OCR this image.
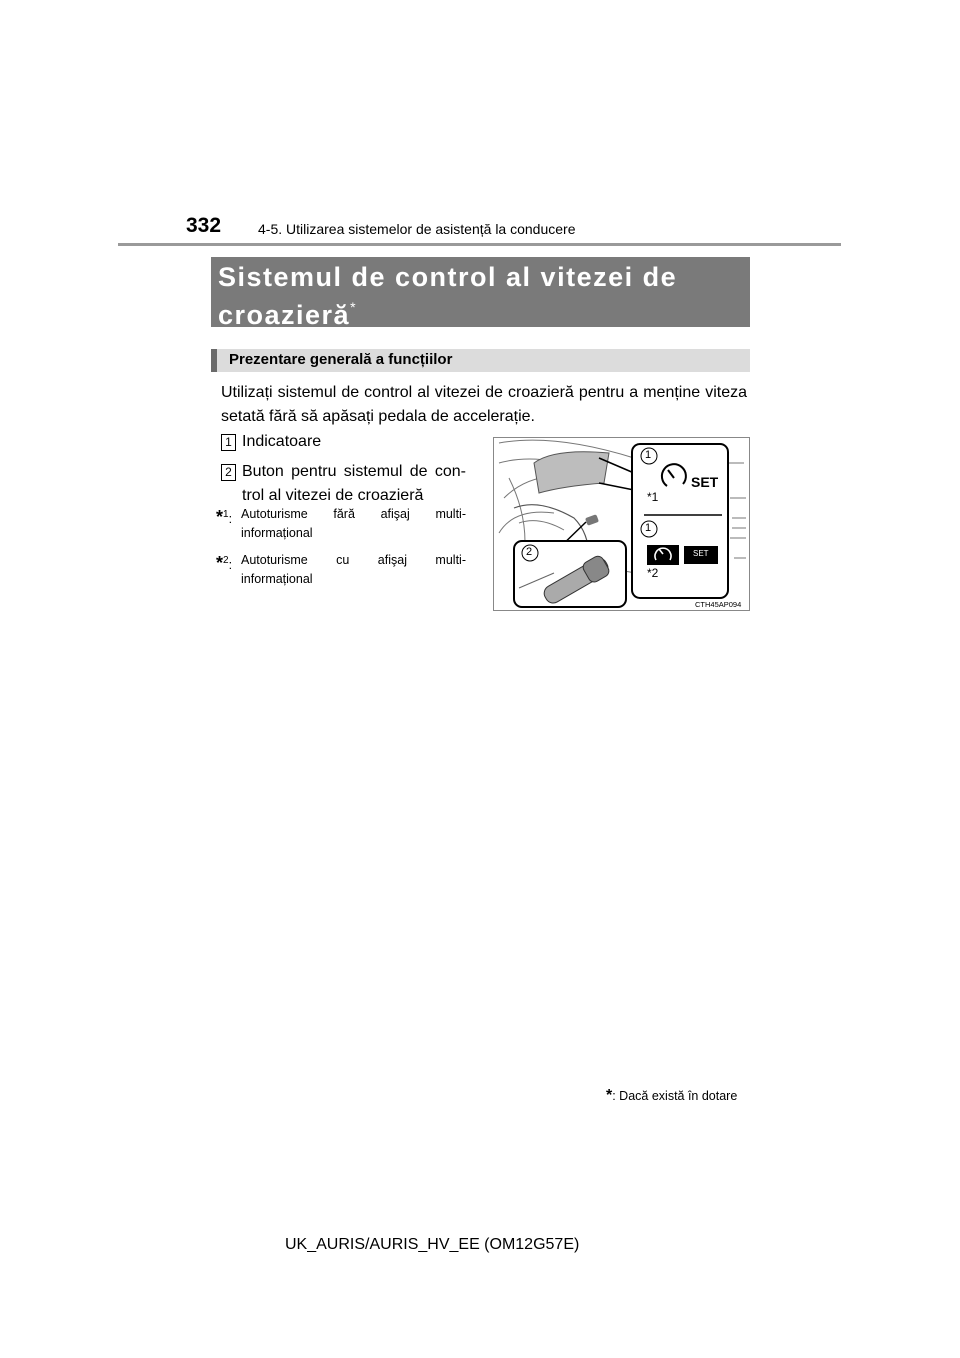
332	4-5. Utilizarea sistemelor de asistență la conducere
Sistemul de control al vitezei de
croazieră*
Prezentare generală a funcțiilor
Utilizați sistemul de control al vitezei de croazieră pentru a menține viteza setată fără să apăsați pedala de accelerație.
1 Indicatoare
2 Buton pentru sistemul de con-trol al vitezei de croazieră
*$^1$: Autoturisme fără afişaj multi-
informațional
*$^2$: Autoturisme cu afişaj multi-
informațional
1
SET
*1
1
SET
*2
2
CTH45AP094
*: Dacă există în dotare
UK_AURIS/AURIS_HV_EE (OM12G57E)
